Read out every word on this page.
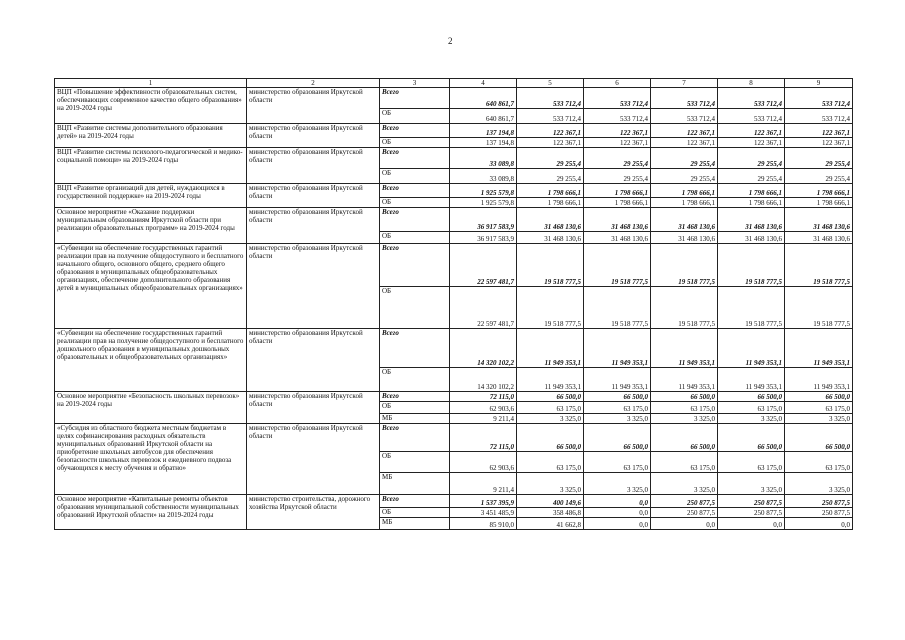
2
1	2	3	4	5	6	7	8	9
ВЦП «Повышение эффективности образовательных систем, обеспечивающих современное качество общего образования» на 2019-2024 годы	министерство образования Иркутской области	Всего	640 861,7	533 712,4	533 712,4	533 712,4	533 712,4	533 712,4
		ОБ	640 861,7	533 712,4	533 712,4	533 712,4	533 712,4	533 712,4
ВЦП «Развитие системы дополнительного образования детей» на 2019-2024 годы	министерство образования Иркутской области	Всего	137 194,8	122 367,1	122 367,1	122 367,1	122 367,1	122 367,1
		ОБ	137 194,8	122 367,1	122 367,1	122 367,1	122 367,1	122 367,1
ВЦП «Развитие системы психолого-педагогической и медико-социальной помощи» на 2019-2024 годы	министерство образования Иркутской области	Всего	33 089,8	29 255,4	29 255,4	29 255,4	29 255,4	29 255,4
		ОБ	33 089,8	29 255,4	29 255,4	29 255,4	29 255,4	29 255,4
ВЦП «Развитие организаций для детей, нуждающихся в государственной поддержке» на 2019-2024 годы	министерство образования Иркутской области	Всего	1 925 579,8	1 798 666,1	1 798 666,1	1 798 666,1	1 798 666,1	1 798 666,1
		ОБ	1 925 579,8	1 798 666,1	1 798 666,1	1 798 666,1	1 798 666,1	1 798 666,1
Основное мероприятие «Оказание поддержки муниципальным образованиям Иркутской области при реализации образовательных программ» на 2019-2024 годы	министерство образования Иркутской области	Всего	36 917 583,9	31 468 130,6	31 468 130,6	31 468 130,6	31 468 130,6	31 468 130,6
		ОБ	36 917 583,9	31 468 130,6	31 468 130,6	31 468 130,6	31 468 130,6	31 468 130,6
«Субвенции на обеспечение государственных гарантий реализации прав на получение общедоступного и бесплатного начального общего, основного общего, среднего общего образования в муниципальных общеобразовательных организациях, обеспечение дополнительного образования детей в муниципальных общеобразовательных организациях»	министерство образования Иркутской области	Всего	22 597 481,7	19 518 777,5	19 518 777,5	19 518 777,5	19 518 777,5	19 518 777,5
		ОБ	22 597 481,7	19 518 777,5	19 518 777,5	19 518 777,5	19 518 777,5	19 518 777,5
«Субвенции на обеспечение государственных гарантий реализации прав на получение общедоступного и бесплатного дошкольного образования в муниципальных дошкольных образовательных и общеобразовательных организациях»	министерство образования Иркутской области	Всего	14 320 102,2	11 949 353,1	11 949 353,1	11 949 353,1	11 949 353,1	11 949 353,1
		ОБ	14 320 102,2	11 949 353,1	11 949 353,1	11 949 353,1	11 949 353,1	11 949 353,1
Основное мероприятие «Безопасность школьных перевозок» на 2019-2024 годы	министерство образования Иркутской области	Всего	72 115,0	66 500,0	66 500,0	66 500,0	66 500,0	66 500,0
		ОБ	62 903,6	63 175,0	63 175,0	63 175,0	63 175,0	63 175,0
		МБ	9 211,4	3 325,0	3 325,0	3 325,0	3 325,0	3 325,0
«Субсидия из областного бюджета местным бюджетам в целях софинансирования расходных обязательств муниципальных образований Иркутской области на приобретение школьных автобусов для обеспечения безопасности школьных перевозок и ежедневного подвоза обучающихся к месту обучения и обратно»	министерство образования Иркутской области	Всего	72 115,0	66 500,0	66 500,0	66 500,0	66 500,0	66 500,0
		ОБ	62 903,6	63 175,0	63 175,0	63 175,0	63 175,0	63 175,0
		МБ	9 211,4	3 325,0	3 325,0	3 325,0	3 325,0	3 325,0
Основное мероприятие «Капитальные ремонты объектов образования муниципальной собственности муниципальных образований Иркутской области» на 2019-2024 годы	министерство строительства, дорожного хозяйства Иркутской области	Всего	1 537 395,9	400 149,6	0,0	250 877,5	250 877,5	250 877,5
		ОБ	3 451 485,9	358 486,8	0,0	250 877,5	250 877,5	250 877,5
		МБ	85 910,0	41 662,8	0,0	0,0	0,0	0,0
